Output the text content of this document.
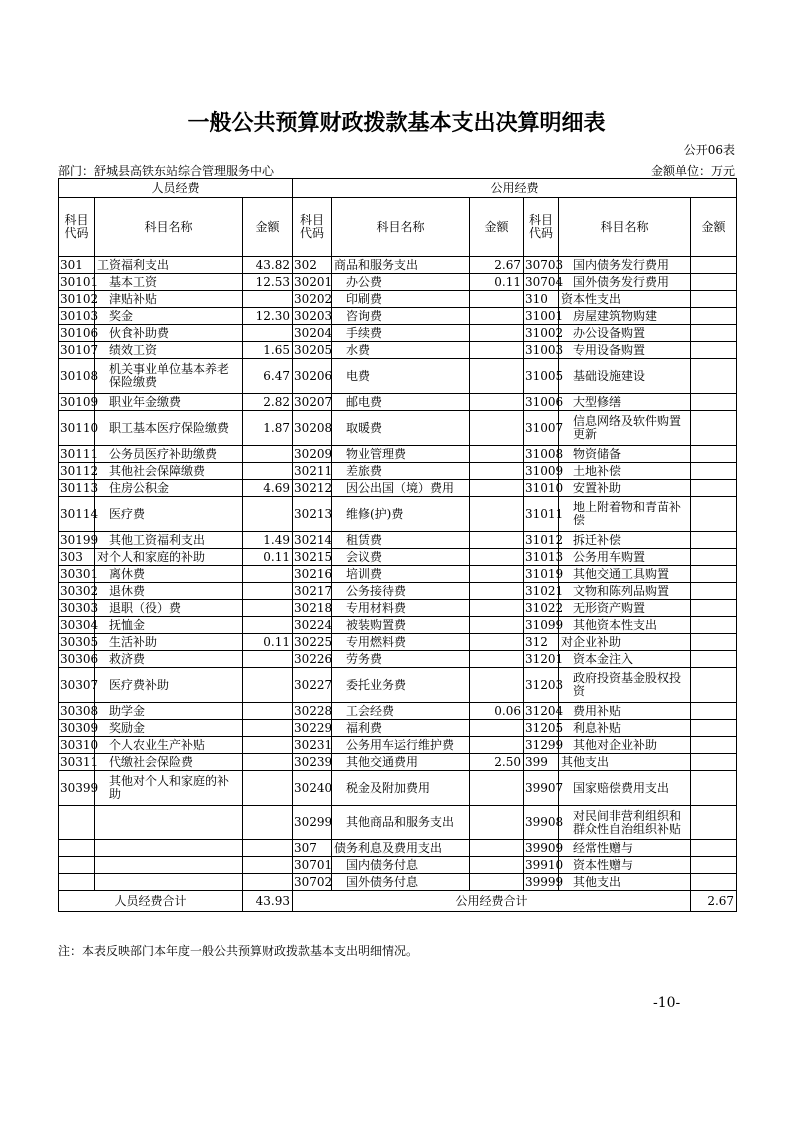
一般公共预算财政拨款基本支出决算明细表
公开06表
部门：舒城县高铁东站综合管理服务中心	金额单位：万元
人员经费			公用经费					
科目代码	科目名称	金额	科目代码	科目名称	金额	科目代码	科目名称	金额
301	工资福利支出	43.82	302	商品和服务支出	2.67	30703	国内债务发行费用	
30101	基本工资	12.53	30201	办公费	0.11	30704	国外债务发行费用	
30102	津贴补贴		30202	印刷费		310	资本性支出	
30103	奖金	12.30	30203	咨询费		31001	房屋建筑物购建	
30106	伙食补助费		30204	手续费		31002	办公设备购置	
30107	绩效工资	1.65	30205	水费		31003	专用设备购置	
30108	机关事业单位基本养老保险缴费	6.47	30206	电费		31005	基础设施建设	
30109	职业年金缴费	2.82	30207	邮电费		31006	大型修缮	
30110	职工基本医疗保险缴费	1.87	30208	取暖费		31007	信息网络及软件购置更新	
30111	公务员医疗补助缴费		30209	物业管理费		31008	物资储备	
30112	其他社会保障缴费		30211	差旅费		31009	土地补偿	
30113	住房公积金	4.69	30212	因公出国（境）费用		31010	安置补助	
30114	医疗费		30213	维修(护)费		31011	地上附着物和青苗补偿	
30199	其他工资福利支出	1.49	30214	租赁费		31012	拆迁补偿	
303	对个人和家庭的补助	0.11	30215	会议费		31013	公务用车购置	
30301	离休费		30216	培训费		31019	其他交通工具购置	
30302	退休费		30217	公务接待费		31021	文物和陈列品购置	
30303	退职（役）费		30218	专用材料费		31022	无形资产购置	
30304	抚恤金		30224	被装购置费		31099	其他资本性支出	
30305	生活补助	0.11	30225	专用燃料费		312	对企业补助	
30306	救济费		30226	劳务费		31201	资本金注入	
30307	医疗费补助		30227	委托业务费		31203	政府投资基金股权投资	
30308	助学金		30228	工会经费	0.06	31204	费用补贴	
30309	奖励金		30229	福利费		31205	利息补贴	
30310	个人农业生产补贴		30231	公务用车运行维护费		31299	其他对企业补助	
30311	代缴社会保险费		30239	其他交通费用	2.50	399	其他支出	
30399	其他对个人和家庭的补助		30240	税金及附加费用		39907	国家赔偿费用支出	
			30299	其他商品和服务支出		39908	对民间非营利组织和群众性自治组织补贴	
			307	债务利息及费用支出		39909	经常性赠与	
			30701	国内债务付息		39910	资本性赠与	
			30702	国外债务付息		39999	其他支出	
人员经费合计		43.93	公用经费合计					2.67
注：本表反映部门本年度一般公共预算财政拨款基本支出明细情况。
-10-
